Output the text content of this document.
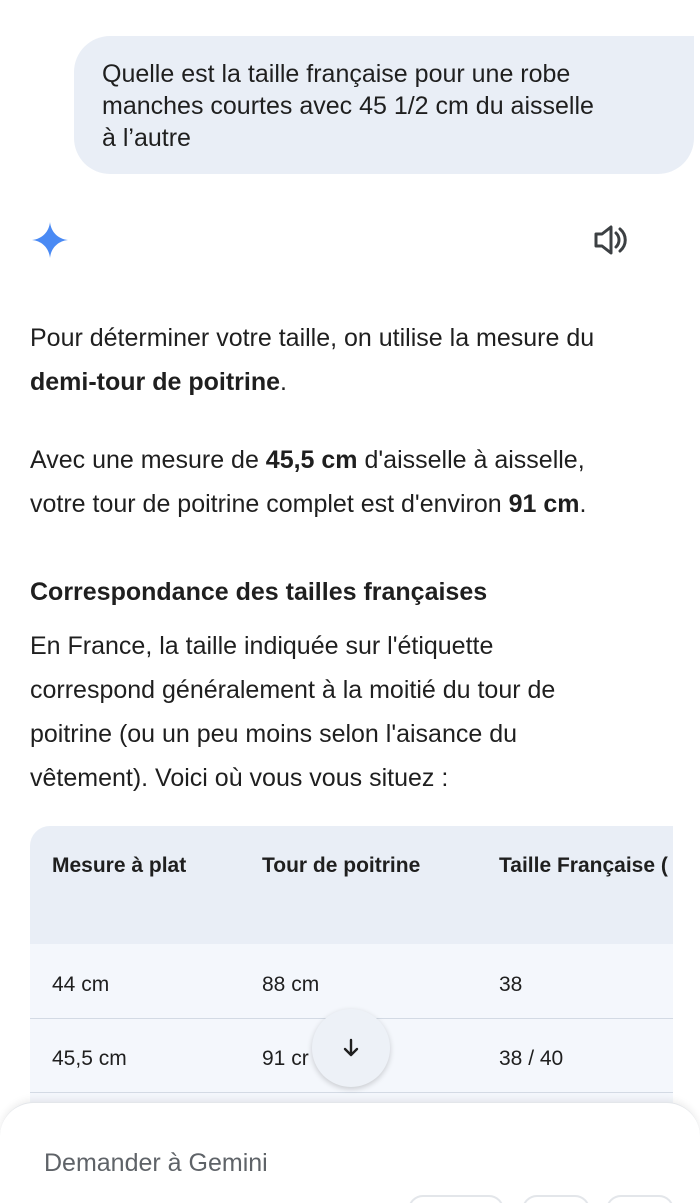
Quelle est la taille française pour une robe
manches courtes avec 45 1/2 cm du aisselle
à l’autre
Pour déterminer votre taille, on utilise la mesure du
demi-tour de poitrine.
Avec une mesure de 45,5 cm d'aisselle à aisselle,
votre tour de poitrine complet est d'environ 91 cm.
Correspondance des tailles françaises
En France, la taille indiquée sur l'étiquette
correspond généralement à la moitié du tour de
poitrine (ou un peu moins selon l'aisance du
vêtement). Voici où vous vous situez :
Mesure à plat	Tour de poitrine	Taille Française (
44 cm	88 cm	38
45,5 cm	91 cr	38 / 40
Demander à Gemini
